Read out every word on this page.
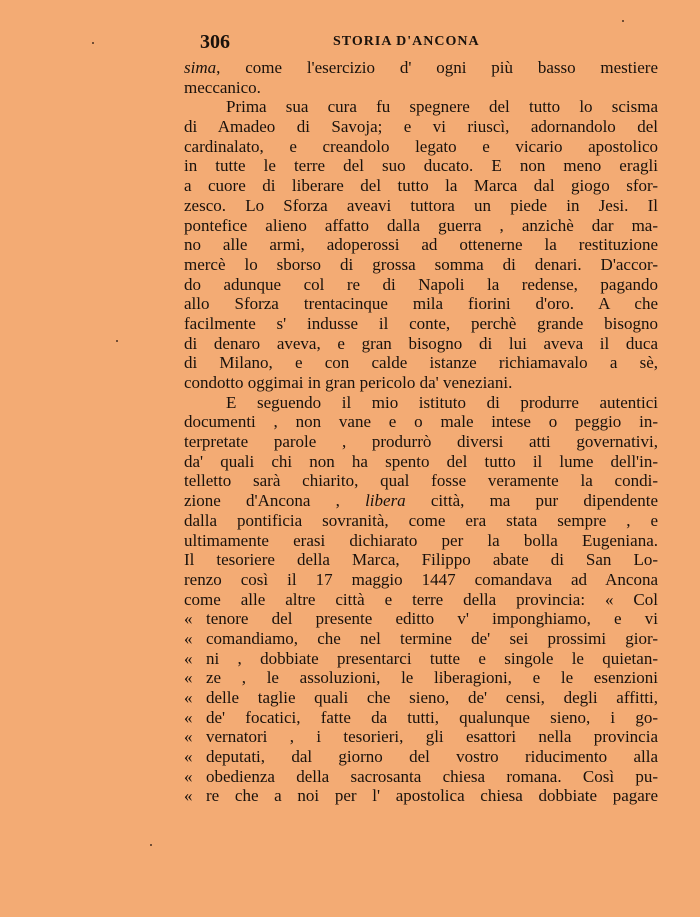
306	STORIA D'ANCONA
sima, come l'esercizio d' ogni più basso mestiere
meccanico.
Prima sua cura fu spegnere del tutto lo scisma
di Amadeo di Savoja; e vi riuscì, adornandolo del
cardinalato, e creandolo legato e vicario apostolico
in tutte le terre del suo ducato. E non meno eragli
a cuore di liberare del tutto la Marca dal giogo sfor-
zesco. Lo Sforza aveavi tuttora un piede in Jesi. Il
pontefice alieno affatto dalla guerra , anzichè dar ma-
no alle armi, adoperossi ad ottenerne la restituzione
mercè lo sborso di grossa somma di denari. D'accor-
do adunque col re di Napoli la redense, pagando
allo Sforza trentacinque mila fiorini d'oro. A che
facilmente s' indusse il conte, perchè grande bisogno
di denaro aveva, e gran bisogno di lui aveva il duca
di Milano, e con calde istanze richiamavalo a sè,
condotto oggimai in gran pericolo da' veneziani.
E seguendo il mio istituto di produrre autentici
documenti , non vane e o male intese o peggio in-
terpretate parole , produrrò diversi atti governativi,
da' quali chi non ha spento del tutto il lume dell'in-
telletto sarà chiarito, qual fosse veramente la condi-
zione d'Ancona , libera città, ma pur dipendente
dalla pontificia sovranità, come era stata sempre , e
ultimamente erasi dichiarato per la bolla Eugeniana.
Il tesoriere della Marca, Filippo abate di San Lo-
renzo così il 17 maggio 1447 comandava ad Ancona
come alle altre città e terre della provincia: « Col
« tenore del presente editto v' imponghiamo, e vi
« comandiamo, che nel termine de' sei prossimi gior-
« ni , dobbiate presentarci tutte e singole le quietan-
« ze , le assoluzioni, le liberagioni, e le esenzioni
« delle taglie quali che sieno, de' censi, degli affitti,
« de' focatici, fatte da tutti, qualunque sieno, i go-
« vernatori , i tesorieri, gli esattori nella provincia
« deputati, dal giorno del vostro riducimento alla
« obedienza della sacrosanta chiesa romana. Così pu-
« re che a noi per l' apostolica chiesa dobbiate pagare
